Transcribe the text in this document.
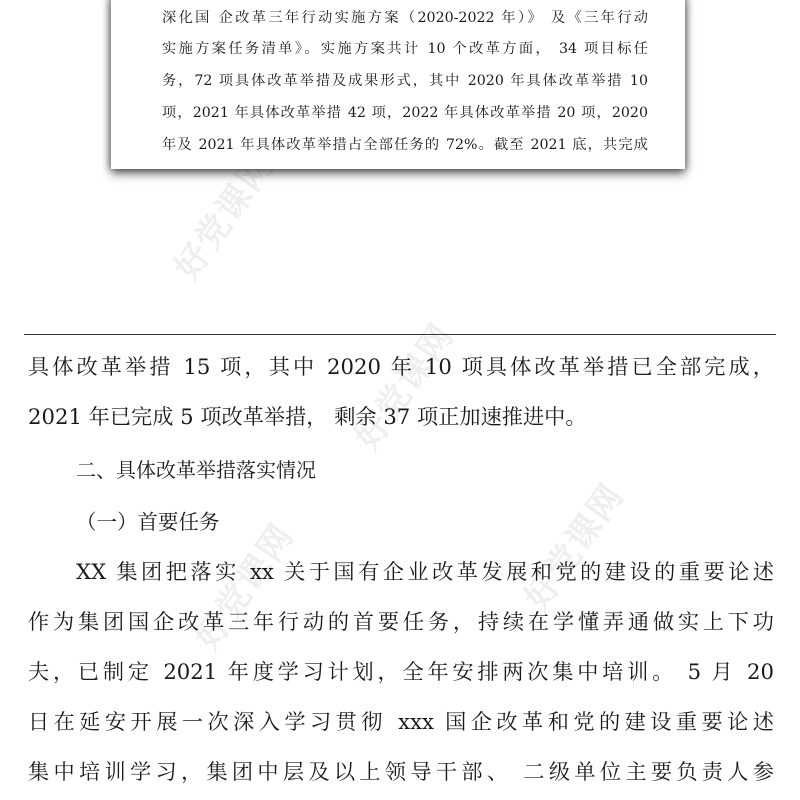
好党课网
好党课网
好党课网
好党课网
深化国 企改革三年行动实施方案（2020-2022 年）》 及《三年行动
实施方案任务清单》。实施方案共计 10 个改革方面， 34 项目标任
务，72 项具体改革举措及成果形式，其中 2020 年具体改革举措 10
项，2021 年具体改革举措 42 项，2022 年具体改革举措 20 项，2020
年及 2021 年具体改革举措占全部任务的 72%。截至 2021 底，共完成
具体改革举措 15 项，其中 2020 年 10 项具体改革举措已全部完成，
2021 年已完成 5 项改革举措， 剩余 37 项正加速推进中。
二、具体改革举措落实情况
（一）首要任务
XX 集团把落实 xx 关于国有企业改革发展和党的建设的重要论述
作为集团国企改革三年行动的首要任务，持续在学懂弄通做实上下功
夫，已制定 2021 年度学习计划，全年安排两次集中培训。 5 月 20
日在延安开展一次深入学习贯彻 xxx 国企改革和党的建设重要论述
集中培训学习，集团中层及以上领导干部、 二级单位主要负责人参
